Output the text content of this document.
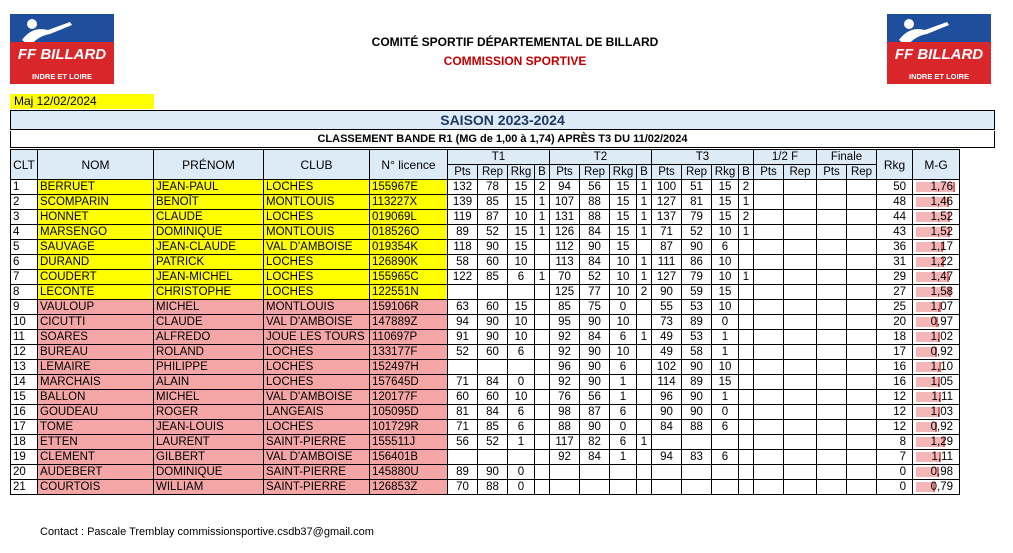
FF BILLARD
INDRE ET LOIRE
FF BILLARD
INDRE ET LOIRE
COMITÉ SPORTIF DÉPARTEMENTAL DE BILLARD
COMMISSION SPORTIVE
Maj 12/02/2024
SAISON 2023-2024
CLASSEMENT BANDE R1 (MG de 1,00 à 1,74) APRÈS T3 DU 11/02/2024
CLT	NOM	PRÉNOM	CLUB	N° licence	T1				T2				T3				1/2 F		Finale		Rkg	M-G
					Pts	Rep	Rkg	B	Pts	Rep	Rkg	B	Pts	Rep	Rkg	B	Pts	Rep	Pts	Rep		
1	BERRUET	JEAN-PAUL	LOCHES	155967E	132	78	15	2	94	56	15	1	100	51	15	2					50	1,76
2	SCOMPARIN	BENOÎT	MONTLOUIS	113227X	139	85	15	1	107	88	15	1	127	81	15	1					48	1,46
3	HONNET	CLAUDE	LOCHES	019069L	119	87	10	1	131	88	15	1	137	79	15	2					44	1,52
4	MARSENGO	DOMINIQUE	MONTLOUIS	018526O	89	52	15	1	126	84	15	1	71	52	10	1					43	1,52
5	SAUVAGE	JEAN-CLAUDE	VAL D'AMBOISE	019354K	118	90	15		112	90	15		87	90	6						36	1,17
6	DURAND	PATRICK	LOCHES	126890K	58	60	10		113	84	10	1	111	86	10						31	1,22
7	COUDERT	JEAN-MICHEL	LOCHES	155965C	122	85	6	1	70	52	10	1	127	79	10	1					29	1,47
8	LECONTE	CHRISTOPHE	LOCHES	122551N					125	77	10	2	90	59	15						27	1,58
9	VAULOUP	MICHEL	MONTLOUIS	159106R	63	60	15		85	75	0		55	53	10						25	1,07
10	CICUTTI	CLAUDE	VAL D'AMBOISE	147889Z	94	90	10		95	90	10		73	89	0						20	0,97
11	SOARES	ALFREDO	JOUE LES TOURS	110697P	91	90	10		92	84	6	1	49	53	1						18	1,02
12	BUREAU	ROLAND	LOCHES	133177F	52	60	6		92	90	10		49	58	1						17	0,92
13	LEMAIRE	PHILIPPE	LOCHES	152497H					96	90	6		102	90	10						16	1,10
14	MARCHAIS	ALAIN	LOCHES	157645D	71	84	0		92	90	1		114	89	15						16	1,05
15	BALLON	MICHEL	VAL D'AMBOISE	120177F	60	60	10		76	56	1		96	90	1						12	1,11
16	GOUDEAU	ROGER	LANGEAIS	105095D	81	84	6		98	87	6		90	90	0						12	1,03
17	TOME	JEAN-LOUIS	LOCHES	101729R	71	85	6		88	90	0		84	88	6						12	0,92
18	ETTEN	LAURENT	SAINT-PIERRE	155511J	56	52	1		117	82	6	1									8	1,29
19	CLEMENT	GILBERT	VAL D'AMBOISE	156401B					92	84	1		94	83	6						7	1,11
20	AUDEBERT	DOMINIQUE	SAINT-PIERRE	145880U	89	90	0														0	0,98
21	COURTOIS	WILLIAM	SAINT-PIERRE	126853Z	70	88	0														0	0,79
Contact : Pascale Tremblay commissionsportive.csdb37@gmail.com
